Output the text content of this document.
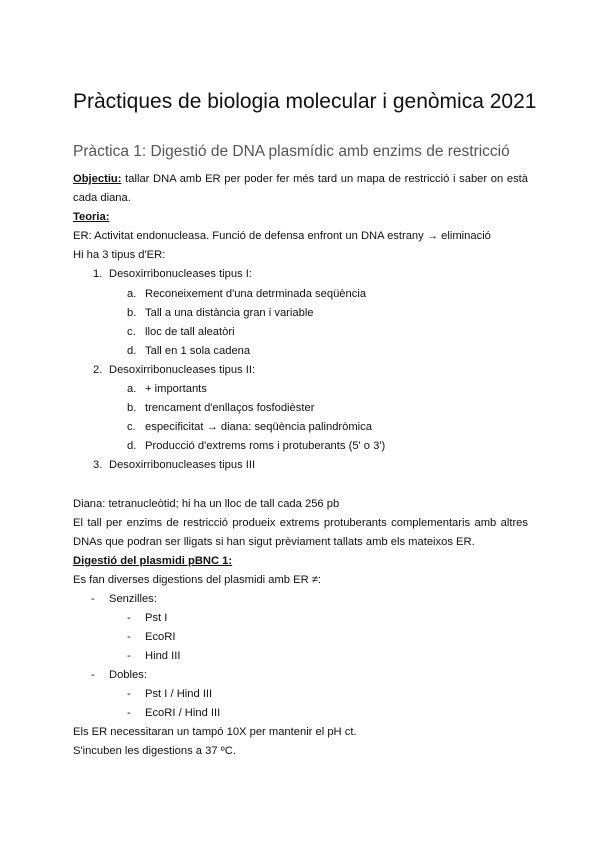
Pràctiques de biologia molecular i genòmica 2021
Pràctica 1: Digestió de DNA plasmídic amb enzims de restricció
Objectiu: tallar DNA amb ER per poder fer més tard un mapa de restricció i saber on està
cada diana.
Teoria:
ER: Activitat endonucleasa. Funció de defensa enfront un DNA estrany → eliminació
Hi ha 3 tipus d'ER:
1. Desoxirribonucleases tipus I:
a. Reconeixement d'una detrminada seqüència
b. Tall a una distància gran i variable
c. lloc de tall aleatòri
d. Tall en 1 sola cadena
2. Desoxirribonucleases tipus II:
a. + importants
b. trencament d'enllaços fosfodièster
c. especificitat → diana: seqüència palindròmica
d. Producció d'extrems roms i protuberants (5' o 3')
3. Desoxirribonucleases tipus III
Diana: tetranucleòtid; hi ha un lloc de tall cada 256 pb
El tall per enzims de restricció produeix extrems protuberants complementaris amb altres
DNAs que podran ser lligats si han sigut prèviament tallats amb els mateixos ER.
Digestió del plasmidi pBNC 1:
Es fan diverses digestions del plasmidi amb ER ≠:
- Senzilles:
- Pst I
- EcoRI
- Hind III
- Dobles:
- Pst I / Hind III
- EcoRI / Hind III
Els ER necessitaran un tampó 10X per mantenir el pH ct.
S'incuben les digestions a 37 ºC.
